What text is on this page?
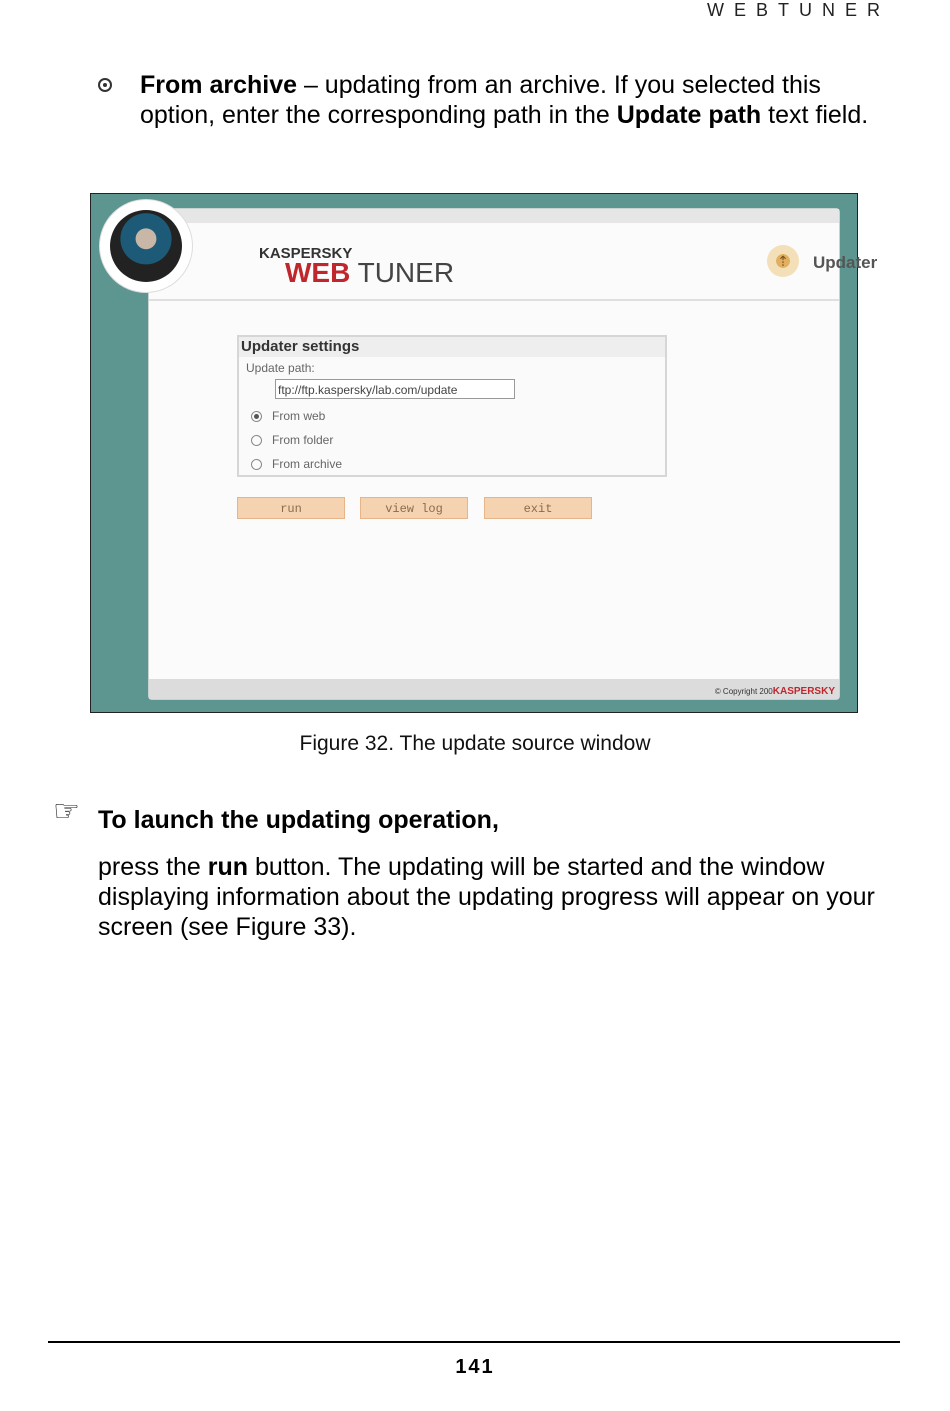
WEBTUNER
From archive – updating from an archive. If you selected this option, enter the corresponding path in the Update path text field.
KASPERSKY
WEB TUNER	⇡	Updater
Updater settings
Update path:
ftp://ftp.kaspersky/lab.com/update
From web
From folder
From archive
run	view log	exit
© Copyright 200KASPERSKY
Figure 32. The update source window
☞ To launch the updating operation,
press the run button. The updating will be started and the window displaying information about the updating progress will appear on your screen (see Figure 33).
141
